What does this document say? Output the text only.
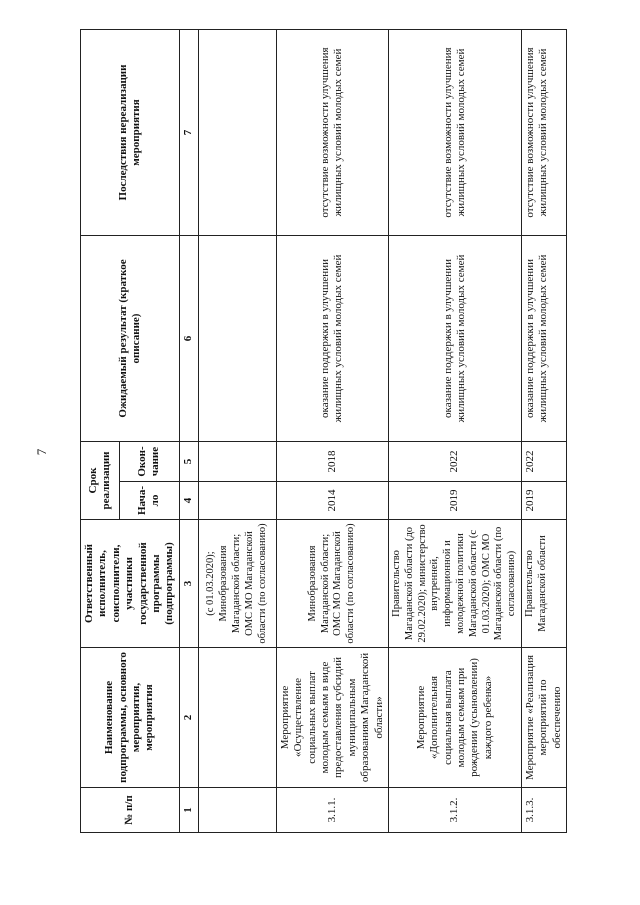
7
№ п/п	Наименование подпрограммы, основного мероприятия, мероприятия	Ответственный исполнитель, соисполнители, участники государственной программы (подпрограммы)	Срок реализации		Ожидаемый результат (краткое описание)	Последствия нереализации мероприятия
			Нача-ло	Окон-чание		
1	2	3	4	5	6	7
		(с 01.03.2020); Минобразования Магаданской области; ОМС МО Магаданской области (по согласованию)				
3.1.1.	Мероприятие «Осуществление социальных выплат молодым семьям в виде предоставления субсидий муниципальным образованиям Магаданской области»	Минобразования Магаданской области; ОМС МО Магаданской области (по согласованию)	2014	2018	оказание поддержки в улучшении жилищных условий молодых семей	отсутствие возможности улучшения жилищных условий молодых семей
3.1.2.	Мероприятие «Дополнительная социальная выплата молодым семьям при рождении (усыновлении) каждого ребенка»	Правительство Магаданской области (до 29.02.2020); министерство внутренней, информационной и молодежной политики Магаданской области (с 01.03.2020); ОМС МО Магаданской области (по согласованию)	2019	2022	оказание поддержки в улучшении жилищных условий молодых семей	отсутствие возможности улучшения жилищных условий молодых семей
3.1.3.	Мероприятие «Реализация мероприятий по обеспечению	Правительство Магаданской области	2019	2022	оказание поддержки в улучшении жилищных условий молодых семей	отсутствие возможности улучшения жилищных условий молодых семей
